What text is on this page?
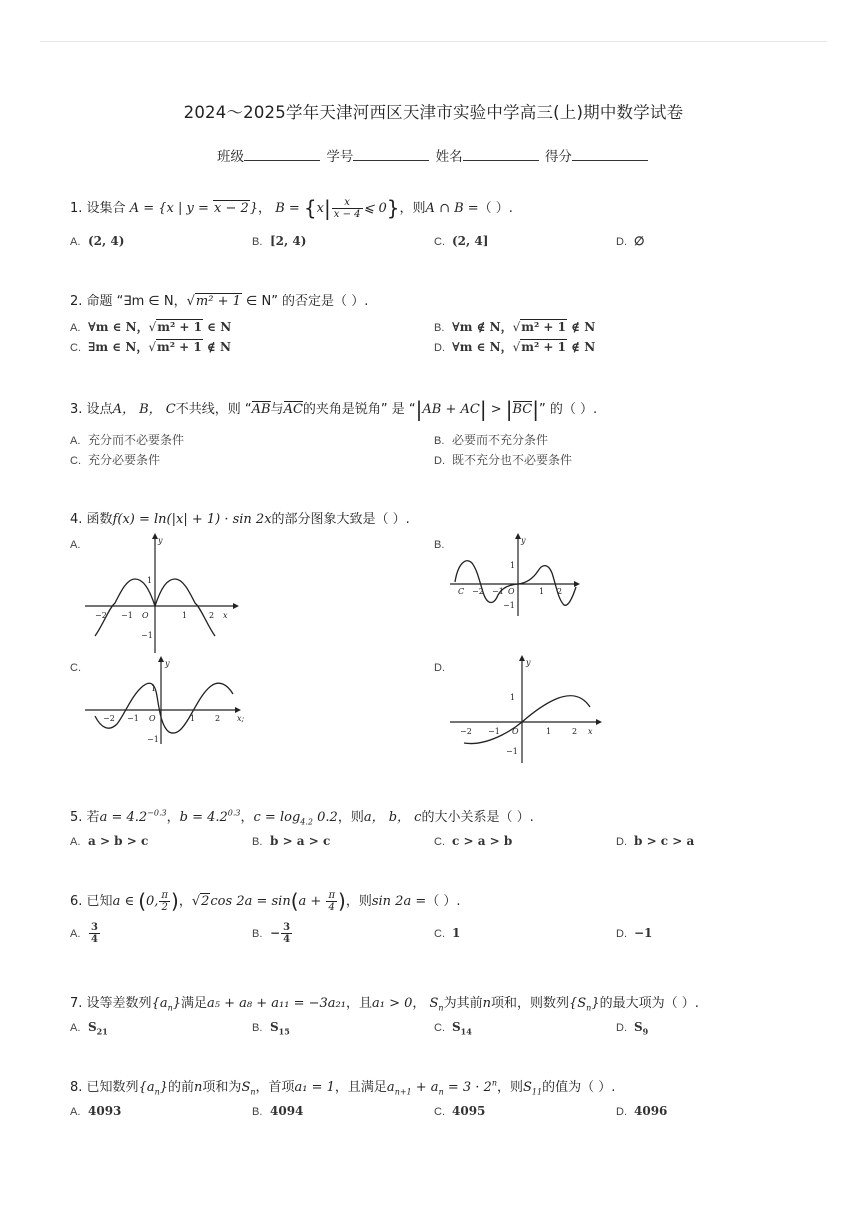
2024～2025学年天津河西区天津市实验中学高三(上)期中数学试卷
班级	学号	姓名	得分
1. 设集合 A = {x | y = x − 2}， $B = \{x| \frac{x}{x - 4}$ ⩽ 0}，则A ∩ B =（ ）.
A. (2, 4)	B. [2, 4)	C. (2, 4]	D. ∅
2. 命题 “∃m ∈ N，√m² + 1 ∈ N” 的否定是（ ）.
A. ∀m ∈ N，√m² + 1 ∈ N	B. ∀m ∉ N，√m² + 1 ∉ N
C. ∃m ∈ N，√m² + 1 ∉ N	D. ∀m ∈ N，√m² + 1 ∉ N
3. 设点A， B， C不共线，则 “AB与AC的夹角是锐角” 是 “|AB + AC| > |BC|” 的（ ）.
A. 充分而不必要条件	B. 必要而不充分条件
C. 充分必要条件	D. 既不充分也不必要条件
4. 函数f(x) = ln(|x| + 1) · sin 2x的部分图象大致是（ ）.
A.	B.
C.	D.
y
x
O
1
−1
1	2
−1
−2
y
C
1
−1
−2 −1 O	1 2
y
1
−1
−2 −1 O	1 2 x;
y
1
−1
−2 −1 O	1	2 x
5. 若$a = 4.2^{-0.3}$，$b = 4.2^{0.3}$，$c = \log_{4.2} 0.2$，则a， b， c的大小关系是（ ）.
A. a > b > c	B. b > a > c	C. c > a > b	D. b > c > a
6. 已知a ∈ (0, $\frac{\pi}{2}$ )，√2cos $2a = \sin(a + \frac{\pi}{4}$ )，则sin 2a =（ ）.
A. $\frac{3}{4}$	B. − $\frac{3}{4}$	C. 1	D. −1
7. 设等差数列$\{a_n\}$满足a₅ + a₈ + a₁₁ = −3a₂₁，且a₁ > 0， $S_n$为其前n项和，则数列$\{S_n\}$的最大项为（ ）.
A. $S_{21}$	B. $S_{15}$	C. $S_{14}$	D. $S_9$
8. 已知数列$\{a_n\}$的前n项和为$S_n$，首项a₁ = 1，且满足$a_{n+1} + a_n = 3 \cdot 2^n$，则$S_{11}$的值为（ ）.
A. 4093	B. 4094	C. 4095	D. 4096
